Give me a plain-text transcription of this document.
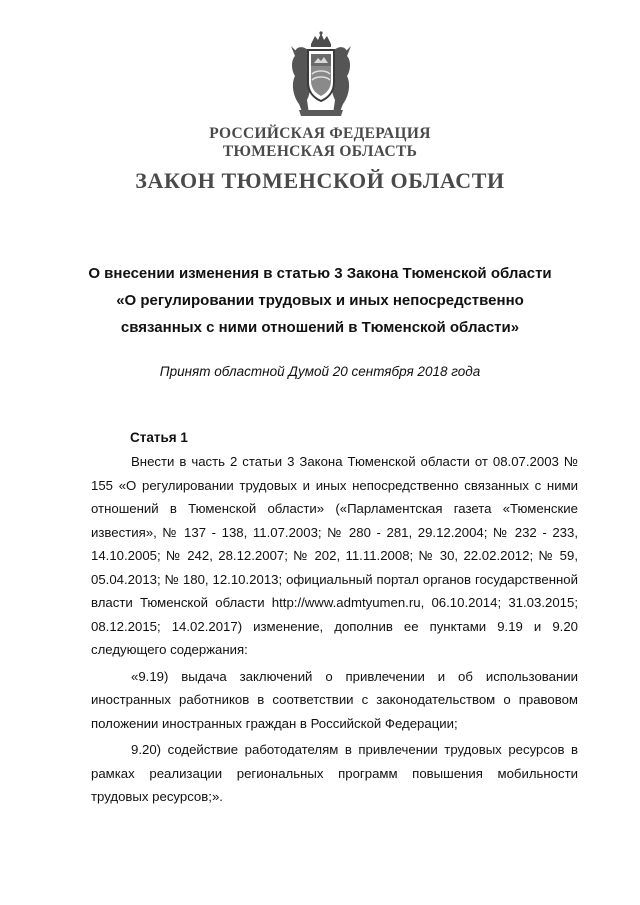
РОССИЙСКАЯ ФЕДЕРАЦИЯ
ТЮМЕНСКАЯ ОБЛАСТЬ
ЗАКОН ТЮМЕНСКОЙ ОБЛАСТИ
О внесении изменения в статью 3 Закона Тюменской области
«О регулировании трудовых и иных непосредственно
связанных с ними отношений в Тюменской области»
Принят областной Думой 20 сентября 2018 года
Статья 1

Внести в часть 2 статьи 3 Закона Тюменской области от 08.07.2003 № 155 «О регулировании трудовых и иных непосредственно связанных с ними отношений в Тюменской области» («Парламентская газета «Тюменские известия», № 137 - 138, 11.07.2003; № 280 - 281, 29.12.2004; № 232 - 233, 14.10.2005; № 242, 28.12.2007; № 202, 11.11.2008; № 30, 22.02.2012; № 59, 05.04.2013; № 180, 12.10.2013; официальный портал органов государственной власти Тюменской области http://www.admtyumen.ru, 06.10.2014; 31.03.2015; 08.12.2015; 14.02.2017) изменение, дополнив ее пунктами 9.19 и 9.20 следующего содержания:

«9.19) выдача заключений о привлечении и об использовании иностранных работников в соответствии с законодательством о правовом положении иностранных граждан в Российской Федерации;

9.20) содействие работодателям в привлечении трудовых ресурсов в рамках реализации региональных программ повышения мобильности трудовых ресурсов;».
